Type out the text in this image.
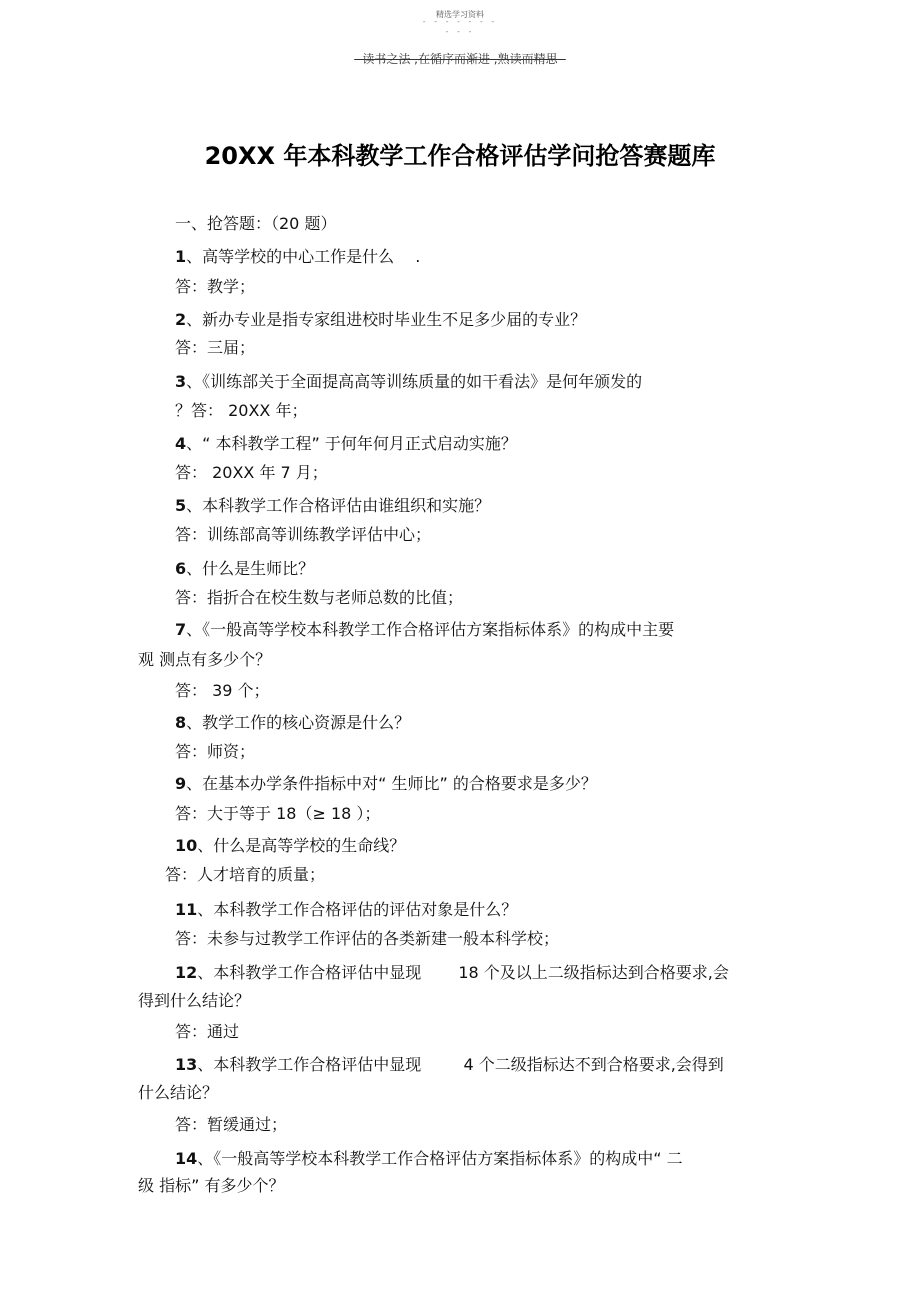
精选学习资料
- - - - - - -
- - -
- 读书之法 ,在循序而渐进 ,熟读而精思 -
20XX 年本科教学工作合格评估学问抢答赛题库
一、抢答题：（20 题）
1、高等学校的中心工作是什么 　.
答：教学；
2、新办专业是指专家组进校时毕业生不足多少届的专业？
答：三届；
3、《训练部关于全面提高高等训练质量的如干看法》是何年颁发的
？答： 20XX 年；
4、“ 本科教学工程” 于何年何月正式启动实施？
答： 20XX 年 7 月；
5、本科教学工作合格评估由谁组织和实施？
答：训练部高等训练教学评估中心；
6、什么是生师比？
答：指折合在校生数与老师总数的比值；
7、《一般高等学校本科教学工作合格评估方案指标体系》的构成中主要
观 测点有多少个？
答： 39 个；
8、教学工作的核心资源是什么？
答：师资；
9、在基本办学条件指标中对“ 生师比” 的合格要求是多少？
答：大于等于 18（≥ 18 ）；
10、什么是高等学校的生命线？
答：人才培育的质量；
11、本科教学工作合格评估的评估对象是什么？
答：未参与过教学工作评估的各类新建一般本科学校；
12、本科教学工作合格评估中显现 　　18 个及以上二级指标达到合格要求,会
得到什么结论？
答：通过
13、本科教学工作合格评估中显现 　　 4 个二级指标达不到合格要求,会得到
什么结论？
答：暂缓通过；
14、《一般高等学校本科教学工作合格评估方案指标体系》的构成中“ 二
级 指标” 有多少个？
